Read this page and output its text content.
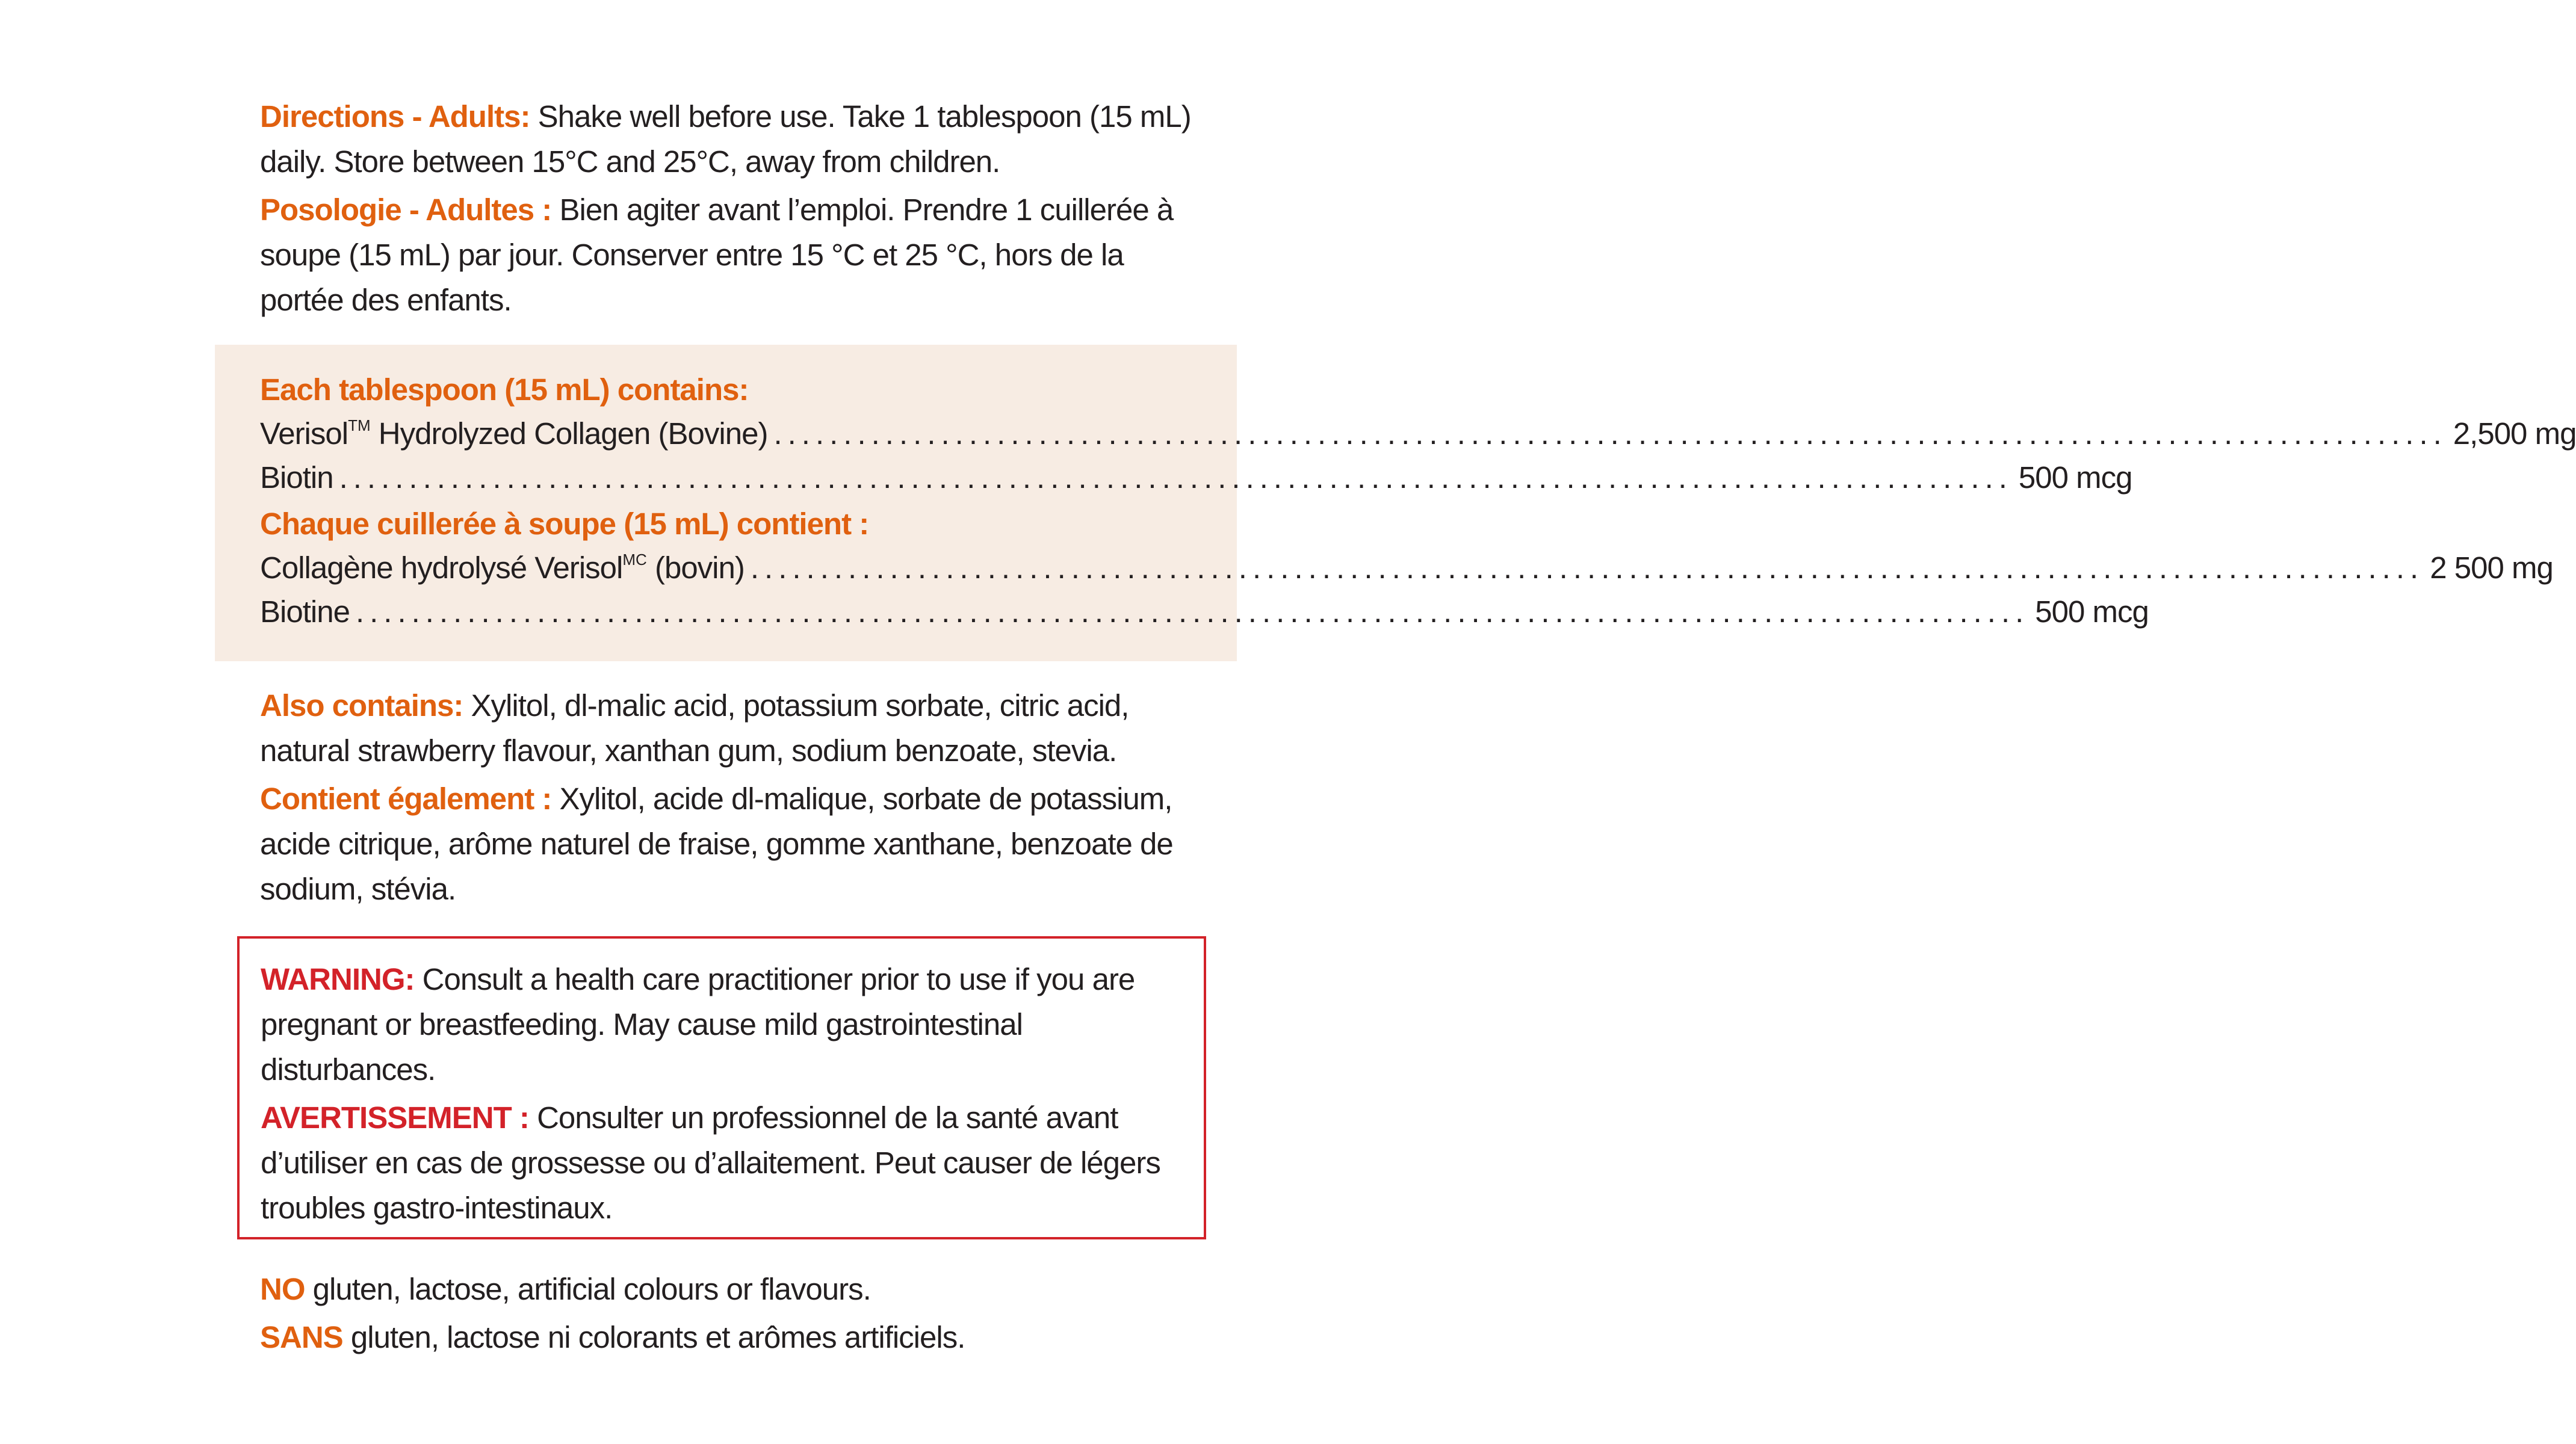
Directions - Adults: Shake well before use. Take 1 tablespoon (15 mL) daily. Store between 15°C and 25°C, away from children.

Posologie - Adultes : Bien agiter avant l’emploi. Prendre 1 cuillerée à soupe (15 mL) par jour. Conserver entre 15 °C et 25 °C, hors de la portée des enfants.

Each tablespoon (15 mL) contains:

Verisol™ Hydrolyzed Collagen (Bovine) ........................................................................................................................ 2,500 mg
Biotin ........................................................................................................................ 500 mcg

Chaque cuillerée à soupe (15 mL) contient :

Collagène hydrolysé Verisol$^{MC}$ (bovin) ........................................................................................................................ 2 500 mg
Biotine ........................................................................................................................ 500 mcg

Also contains: Xylitol, dl-malic acid, potassium sorbate, citric acid, natural strawberry flavour, xanthan gum, sodium benzoate, stevia.

Contient également : Xylitol, acide dl-malique, sorbate de potassium, acide citrique, arôme naturel de fraise, gomme xanthane, benzoate de sodium, stévia.

WARNING: Consult a health care practitioner prior to use if you are pregnant or breastfeeding. May cause mild gastrointestinal disturbances.

AVERTISSEMENT : Consulter un professionnel de la santé avant d’utiliser en cas de grossesse ou d’allaitement. Peut causer de légers troubles gastro-intestinaux.

NO gluten, lactose, artificial colours or flavours.

SANS gluten, lactose ni colorants et arômes artificiels.
